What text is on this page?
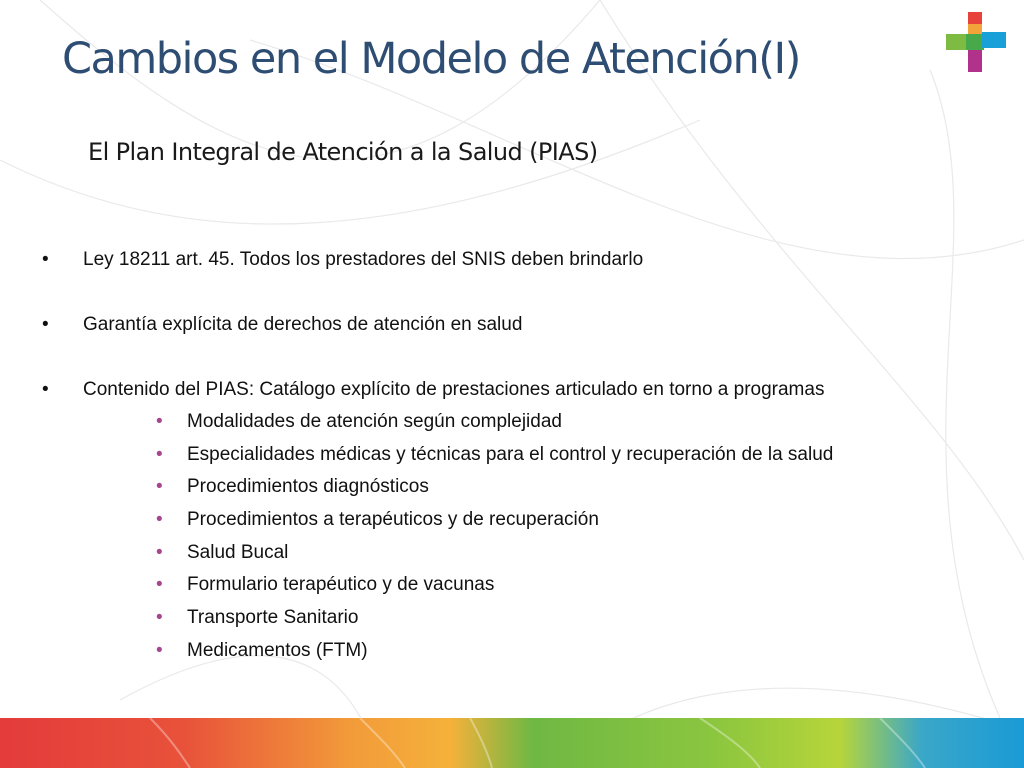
Cambios en el Modelo de Atención(I)
El Plan Integral de Atención a la Salud (PIAS)
• Ley 18211 art. 45. Todos los prestadores del SNIS deben brindarlo
• Garantía explícita de derechos de atención en salud
• Contenido del PIAS: Catálogo explícito de prestaciones articulado en torno a programas
• Modalidades de atención según complejidad
• Especialidades médicas y técnicas para el control y recuperación de la salud
• Procedimientos diagnósticos
• Procedimientos a terapéuticos y de recuperación
• Salud Bucal
• Formulario terapéutico y de vacunas
• Transporte Sanitario
• Medicamentos (FTM)
